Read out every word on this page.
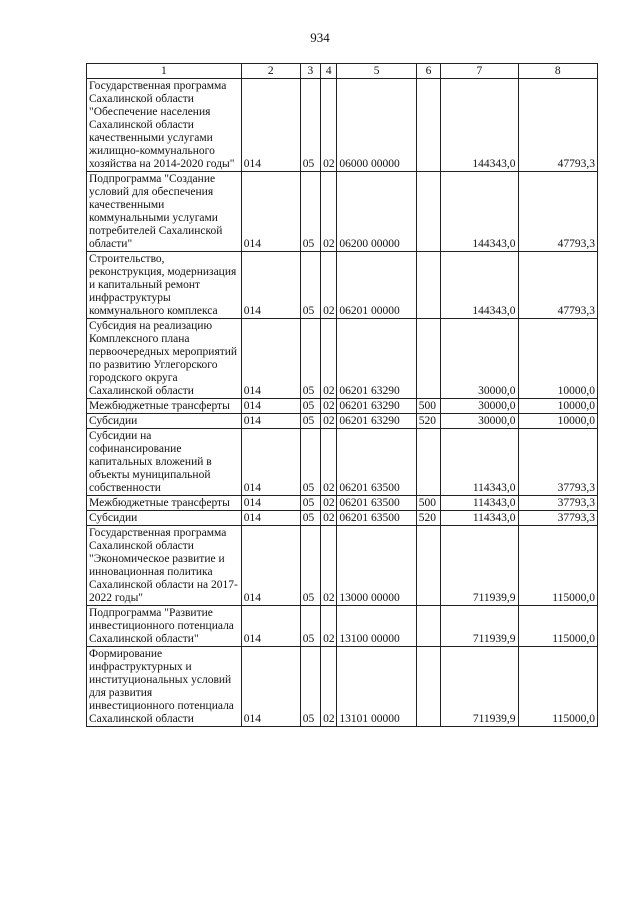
934
1	2	3	4	5	6	7	8
Государственная программа Сахалинской области "Обеспечение населения Сахалинской области качественными услугами жилищно-коммунального хозяйства на 2014-2020 годы"	014	05	02	06000 00000		144343,0	47793,3
Подпрограмма "Создание условий для обеспечения качественными коммунальными услугами потребителей Сахалинской области"	014	05	02	06200 00000		144343,0	47793,3
Строительство, реконструкция, модернизация и капитальный ремонт инфраструктуры коммунального комплекса	014	05	02	06201 00000		144343,0	47793,3
Субсидия на реализацию Комплексного плана первоочередных мероприятий по развитию Углегорского городского округа Сахалинской области	014	05	02	06201 63290		30000,0	10000,0
Межбюджетные трансферты	014	05	02	06201 63290	500	30000,0	10000,0
Субсидии	014	05	02	06201 63290	520	30000,0	10000,0
Субсидии на софинансирование капитальных вложений в объекты муниципальной собственности	014	05	02	06201 63500		114343,0	37793,3
Межбюджетные трансферты	014	05	02	06201 63500	500	114343,0	37793,3
Субсидии	014	05	02	06201 63500	520	114343,0	37793,3
Государственная программа Сахалинской области "Экономическое развитие и инновационная политика Сахалинской области на 2017-2022 годы"	014	05	02	13000 00000		711939,9	115000,0
Подпрограмма "Развитие инвестиционного потенциала Сахалинской области"	014	05	02	13100 00000		711939,9	115000,0
Формирование инфраструктурных и институциональных условий для развития инвестиционного потенциала Сахалинской области	014	05	02	13101 00000		711939,9	115000,0
